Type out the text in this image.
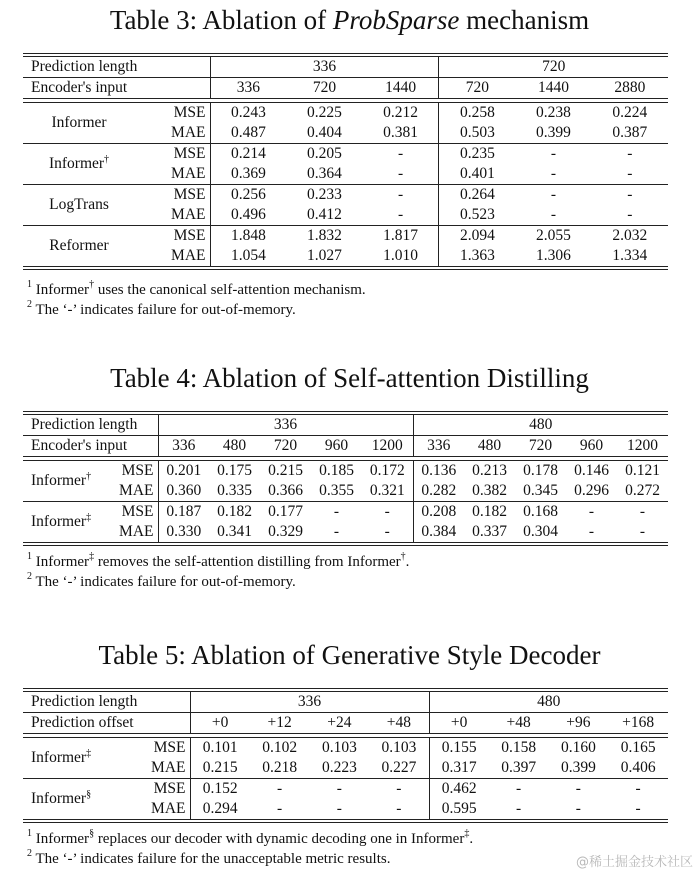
Table 3: Ablation of ProbSparse mechanism
Prediction length		336			720		
Encoder's input		336	720	1440	720	1440	2880

Informer	MSE	0.243	0.225	0.212	0.258	0.238	0.224
	MAE	0.487	0.404	0.381	0.503	0.399	0.387
Informer†	MSE	0.214	0.205	-	0.235	-	-
	MAE	0.369	0.364	-	0.401	-	-
LogTrans	MSE	0.256	0.233	-	0.264	-	-
	MAE	0.496	0.412	-	0.523	-	-
Reformer	MSE	1.848	1.832	1.817	2.094	2.055	2.032
	MAE	1.054	1.027	1.010	1.363	1.306	1.334

$^1$ Informer† uses the canonical self-attention mechanism.
$^2$ The ‘-’ indicates failure for out-of-memory.
Table 4: Ablation of Self-attention Distilling
Prediction length		336					480				
Encoder's input		336	480	720	960	1200	336	480	720	960	1200

Informer†	MSE	0.201	0.175	0.215	0.185	0.172	0.136	0.213	0.178	0.146	0.121
	MAE	0.360	0.335	0.366	0.355	0.321	0.282	0.382	0.345	0.296	0.272
Informer‡	MSE	0.187	0.182	0.177	-	-	0.208	0.182	0.168	-	-
	MAE	0.330	0.341	0.329	-	-	0.384	0.337	0.304	-	-

$^1$ Informer‡ removes the self-attention distilling from Informer†.
$^2$ The ‘-’ indicates failure for out-of-memory.
Table 5: Ablation of Generative Style Decoder
Prediction length		336				480			
Prediction offset		+0	+12	+24	+48	+0	+48	+96	+168

Informer‡	MSE	0.101	0.102	0.103	0.103	0.155	0.158	0.160	0.165
	MAE	0.215	0.218	0.223	0.227	0.317	0.397	0.399	0.406
Informer§	MSE	0.152	-	-	-	0.462	-	-	-
	MAE	0.294	-	-	-	0.595	-	-	-

$^1$ Informer§ replaces our decoder with dynamic decoding one in Informer‡.
$^2$ The ‘-’ indicates failure for the unacceptable metric results.	@稀土掘金技术社区
